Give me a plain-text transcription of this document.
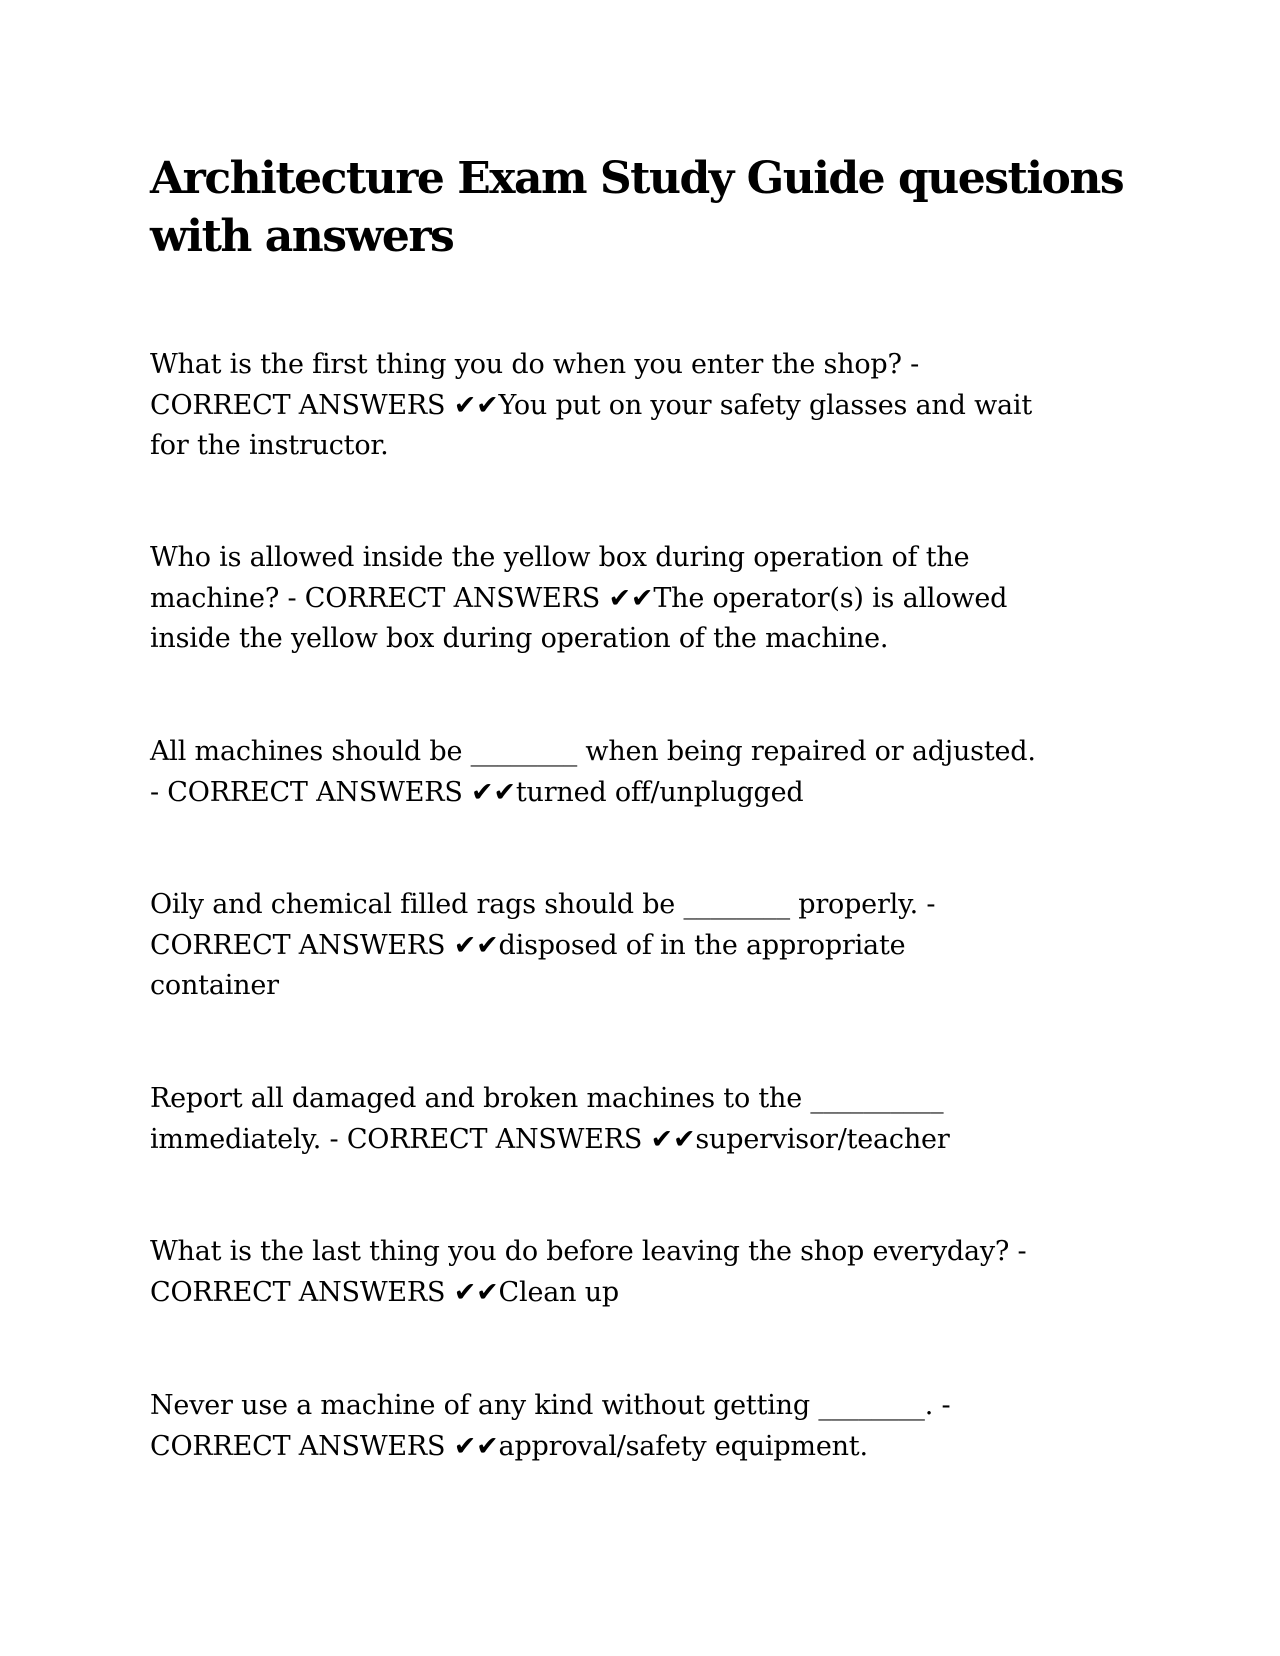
Architecture Exam Study Guide questions
with answers
What is the first thing you do when you enter the shop? -
CORRECT ANSWERS ✔✔You put on your safety glasses and wait
for the instructor.
Who is allowed inside the yellow box during operation of the
machine? - CORRECT ANSWERS ✔✔The operator(s) is allowed
inside the yellow box during operation of the machine.
All machines should be ________ when being repaired or adjusted.
- CORRECT ANSWERS ✔✔turned off/unplugged
Oily and chemical filled rags should be ________ properly. -
CORRECT ANSWERS ✔✔disposed of in the appropriate
container
Report all damaged and broken machines to the __________
immediately. - CORRECT ANSWERS ✔✔supervisor/teacher
What is the last thing you do before leaving the shop everyday? -
CORRECT ANSWERS ✔✔Clean up
Never use a machine of any kind without getting ________. -
CORRECT ANSWERS ✔✔approval/safety equipment.
